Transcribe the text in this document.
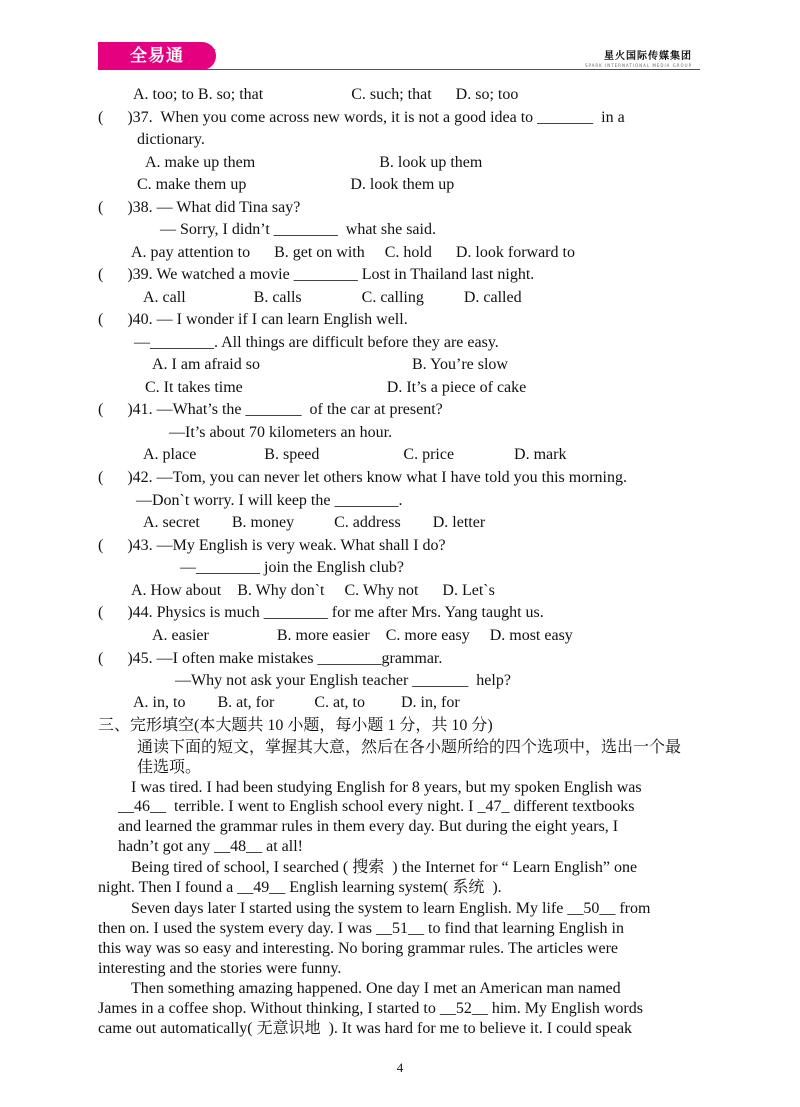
全易通 ✦	星火国际传媒集团
SPARK INTERNATIONAL MEDIA GROUP
A. too; to B. so; that                      C. such; that      D. so; too
(      )37.  When you come across new words, it is not a good idea to _______  in a
dictionary.
A. make up them                               B. look up them
C. make them up                          D. look them up
(      )38. — What did Tina say?
— Sorry, I didn’t ________  what she said.
A. pay attention to      B. get on with     C. hold      D. look forward to
(      )39. We watched a movie ________ Lost in Thailand last night.
A. call                 B. calls               C. calling          D. called
(      )40. — I wonder if I can learn English well.
—________. All things are difficult before they are easy.
A. I am afraid so                                      B. You’re slow
C. It takes time                                    D. It’s a piece of cake
(      )41. —What’s the _______  of the car at present?
—It’s about 70 kilometers an hour.
A. place                 B. speed                     C. price               D. mark
(      )42. —Tom, you can never let others know what I have told you this morning.
—Don`t worry. I will keep the ________.
A. secret        B. money          C. address        D. letter
(      )43. —My English is very weak. What shall I do?
—________ join the English club?
A. How about    B. Why don`t     C. Why not      D. Let`s
(      )44. Physics is much ________ for me after Mrs. Yang taught us.
A. easier                 B. more easier    C. more easy     D. most easy
(      )45. —I often make mistakes ________grammar.
—Why not ask your English teacher _______  help?
A. in, to        B. at, for          C. at, to         D. in, for
三、完形填空(本大题共 10 小题，每小题 1 分，共 10 分)
通读下面的短文，掌握其大意，然后在各小题所给的四个选项中，选出一个最
佳选项。
I was tired. I had been studying English for 8 years, but my spoken English was
__46__  terrible. I went to English school every night. I _47_ different textbooks
and learned the grammar rules in them every day. But during the eight years, I
hadn’t got any __48__ at all!
Being tired of school, I searched ( 搜索  ) the Internet for “ Learn English” one
night. Then I found a __49__ English learning system( 系统  ).
Seven days later I started using the system to learn English. My life __50__ from
then on. I used the system every day. I was __51__ to find that learning English in
this way was so easy and interesting. No boring grammar rules. The articles were
interesting and the stories were funny.
Then something amazing happened. One day I met an American man named
James in a coffee shop. Without thinking, I started to __52__ him. My English words
came out automatically( 无意识地  ). It was hard for me to believe it. I could speak
4
